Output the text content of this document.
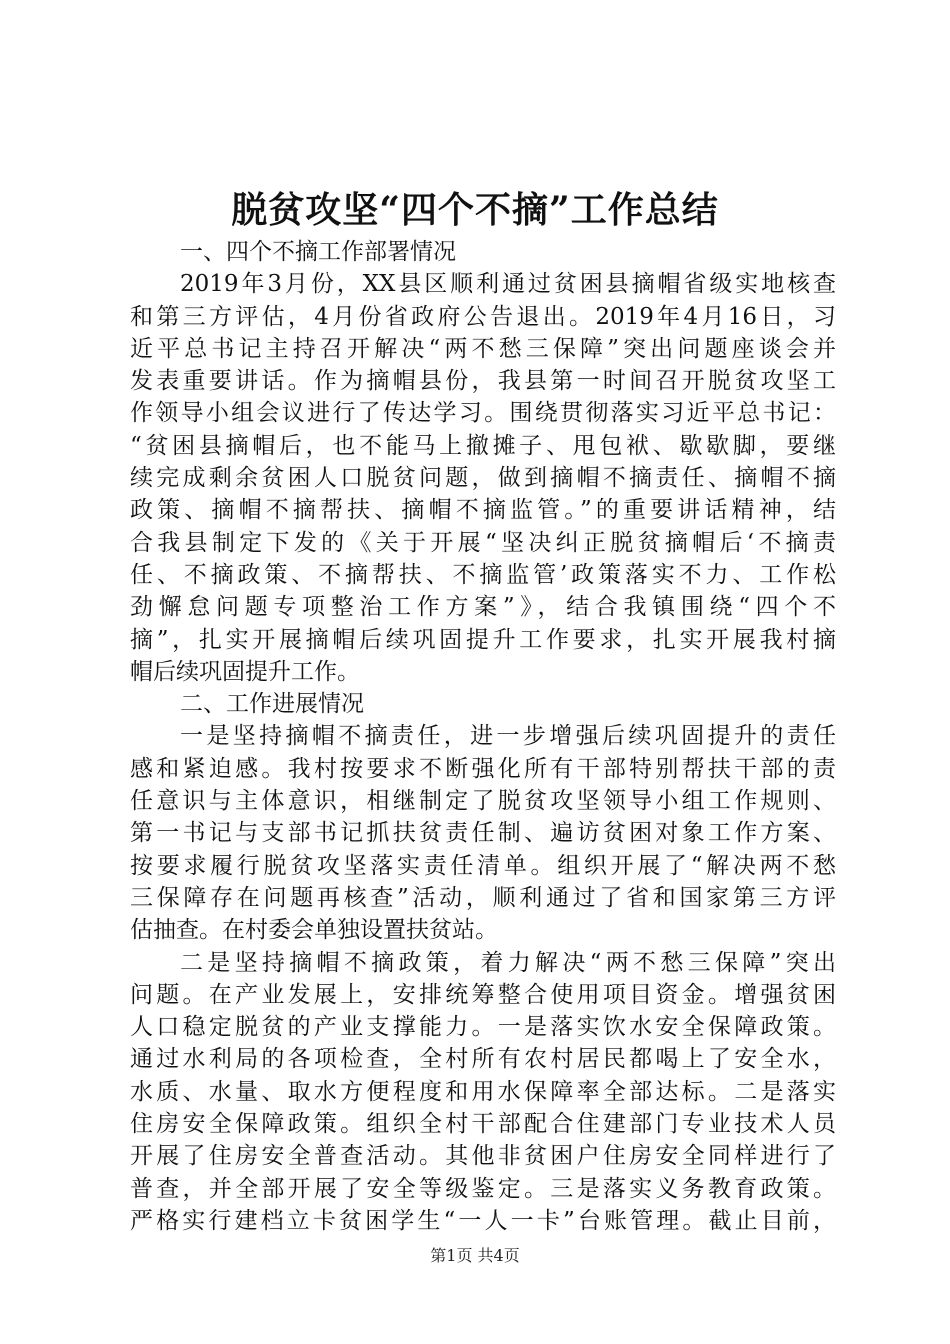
脱贫攻坚“四个不摘”工作总结
一、四个不摘工作部署情况
2019年3月份，XX县区顺利通过贫困县摘帽省级实地核查
和第三方评估，4月份省政府公告退出。2019年4月16日，习
近平总书记主持召开解决“两不愁三保障”突出问题座谈会并
发表重要讲话。作为摘帽县份，我县第一时间召开脱贫攻坚工
作领导小组会议进行了传达学习。围绕贯彻落实习近平总书记：
“贫困县摘帽后，也不能马上撤摊子、甩包袱、歇歇脚，要继
续完成剩余贫困人口脱贫问题，做到摘帽不摘责任、摘帽不摘
政策、摘帽不摘帮扶、摘帽不摘监管。”的重要讲话精神，结
合我县制定下发的《关于开展“坚决纠正脱贫摘帽后‘不摘责
任、不摘政策、不摘帮扶、不摘监管’政策落实不力、工作松
劲懈怠问题专项整治工作方案”》，结合我镇围绕“四个不
摘”，扎实开展摘帽后续巩固提升工作要求，扎实开展我村摘
帽后续巩固提升工作。
二、工作进展情况
一是坚持摘帽不摘责任，进一步增强后续巩固提升的责任
感和紧迫感。我村按要求不断强化所有干部特别帮扶干部的责
任意识与主体意识，相继制定了脱贫攻坚领导小组工作规则、
第一书记与支部书记抓扶贫责任制、遍访贫困对象工作方案、
按要求履行脱贫攻坚落实责任清单。组织开展了“解决两不愁
三保障存在问题再核查”活动，顺利通过了省和国家第三方评
估抽查。在村委会单独设置扶贫站。
二是坚持摘帽不摘政策，着力解决“两不愁三保障”突出
问题。在产业发展上，安排统筹整合使用项目资金。增强贫困
人口稳定脱贫的产业支撑能力。一是落实饮水安全保障政策。
通过水利局的各项检查，全村所有农村居民都喝上了安全水，
水质、水量、取水方便程度和用水保障率全部达标。二是落实
住房安全保障政策。组织全村干部配合住建部门专业技术人员
开展了住房安全普查活动。其他非贫困户住房安全同样进行了
普查，并全部开展了安全等级鉴定。三是落实义务教育政策。
严格实行建档立卡贫困学生“一人一卡”台账管理。截止目前，
第1页 共4页
